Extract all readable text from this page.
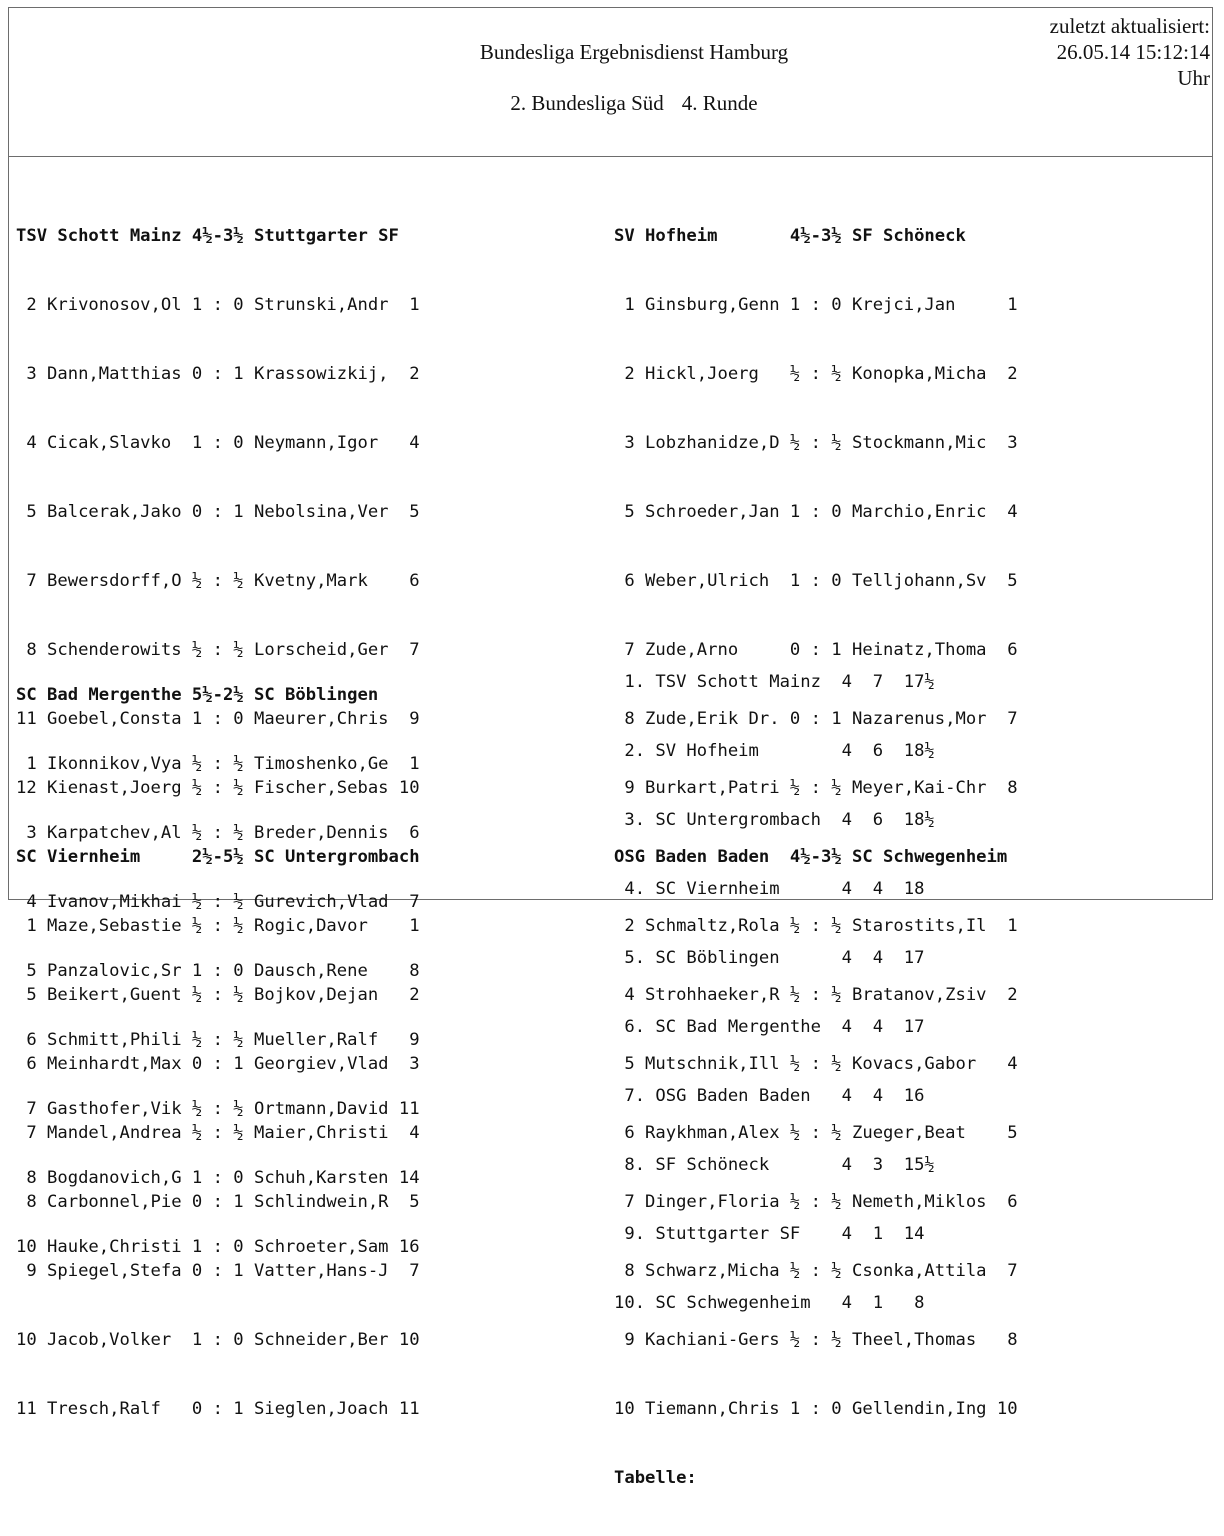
Bundesliga Ergebnisdienst Hamburg
2. Bundesliga Süd 4. Runde
zuletzt aktualisiert:
26.05.14 15:12:14
Uhr

TSV Schott Mainz 4½-3½ Stuttgarter SF

2 Krivonosov,Ol 1 : 0 Strunski,Andr  1

3 Dann,Matthias 0 : 1 Krassowizkij,  2

4 Cicak,Slavko  1 : 0 Neymann,Igor   4

5 Balcerak,Jako 0 : 1 Nebolsina,Ver  5

7 Bewersdorff,O ½ : ½ Kvetny,Mark    6

8 Schenderowits ½ : ½ Lorscheid,Ger  7

11 Goebel,Consta 1 : 0 Maeurer,Chris  9

12 Kienast,Joerg ½ : ½ Fischer,Sebas 10

SC Viernheim     2½-5½ SC Untergrombach

1 Maze,Sebastie ½ : ½ Rogic,Davor    1

5 Beikert,Guent ½ : ½ Bojkov,Dejan   2

6 Meinhardt,Max 0 : 1 Georgiev,Vlad  3

7 Mandel,Andrea ½ : ½ Maier,Christi  4

8 Carbonnel,Pie 0 : 1 Schlindwein,R  5

9 Spiegel,Stefa 0 : 1 Vatter,Hans-J  7

10 Jacob,Volker  1 : 0 Schneider,Ber 10

11 Tresch,Ralf   0 : 1 Sieglen,Joach 11

SC Bad Mergenthe 5½-2½ SC Böblingen

1 Ikonnikov,Vya ½ : ½ Timoshenko,Ge  1

3 Karpatchev,Al ½ : ½ Breder,Dennis  6

4 Ivanov,Mikhai ½ : ½ Gurevich,Vlad  7

5 Panzalovic,Sr 1 : 0 Dausch,Rene    8

6 Schmitt,Phili ½ : ½ Mueller,Ralf   9

7 Gasthofer,Vik ½ : ½ Ortmann,David 11

8 Bogdanovich,G 1 : 0 Schuh,Karsten 14

10 Hauke,Christi 1 : 0 Schroeter,Sam 16

SV Hofheim       4½-3½ SF Schöneck

1 Ginsburg,Genn 1 : 0 Krejci,Jan     1

2 Hickl,Joerg   ½ : ½ Konopka,Micha  2

3 Lobzhanidze,D ½ : ½ Stockmann,Mic  3

5 Schroeder,Jan 1 : 0 Marchio,Enric  4

6 Weber,Ulrich  1 : 0 Telljohann,Sv  5

7 Zude,Arno     0 : 1 Heinatz,Thoma  6

8 Zude,Erik Dr. 0 : 1 Nazarenus,Mor  7

9 Burkart,Patri ½ : ½ Meyer,Kai-Chr  8

OSG Baden Baden  4½-3½ SC Schwegenheim

2 Schmaltz,Rola ½ : ½ Starostits,Il  1

4 Strohhaeker,R ½ : ½ Bratanov,Zsiv  2

5 Mutschnik,Ill ½ : ½ Kovacs,Gabor   4

6 Raykhman,Alex ½ : ½ Zueger,Beat    5

7 Dinger,Floria ½ : ½ Nemeth,Miklos  6

8 Schwarz,Micha ½ : ½ Csonka,Attila  7

9 Kachiani-Gers ½ : ½ Theel,Thomas   8

10 Tiemann,Chris 1 : 0 Gellendin,Ing 10

Tabelle:

1. TSV Schott Mainz  4  7  17½

2. SV Hofheim        4  6  18½

3. SC Untergrombach  4  6  18½

4. SC Viernheim      4  4  18

5. SC Böblingen      4  4  17

6. SC Bad Mergenthe  4  4  17

7. OSG Baden Baden   4  4  16

8. SF Schöneck       4  3  15½

9. Stuttgarter SF    4  1  14

10. SC Schwegenheim   4  1   8
